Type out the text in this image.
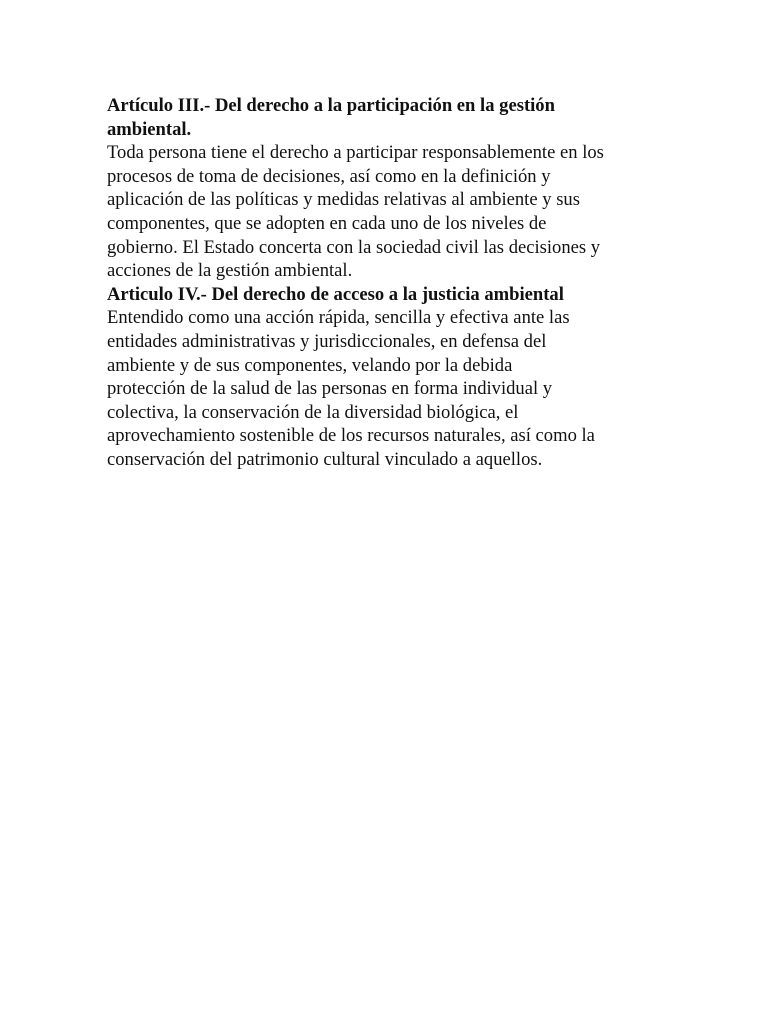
Artículo III.- Del derecho a la participación en la gestión
ambiental.
Toda persona tiene el derecho a participar responsablemente en los
procesos de toma de decisiones, así como en la definición y
aplicación de las políticas y medidas relativas al ambiente y sus
componentes, que se adopten en cada uno de los niveles de
gobierno. El Estado concerta con la sociedad civil las decisiones y
acciones de la gestión ambiental.
Articulo IV.- Del derecho de acceso a la justicia ambiental
Entendido como una acción rápida, sencilla y efectiva ante las
entidades administrativas y jurisdiccionales, en defensa del
ambiente y de sus componentes, velando por la debida
protección de la salud de las personas en forma individual y
colectiva, la conservación de la diversidad biológica, el
aprovechamiento sostenible de los recursos naturales, así como la
conservación del patrimonio cultural vinculado a aquellos.
